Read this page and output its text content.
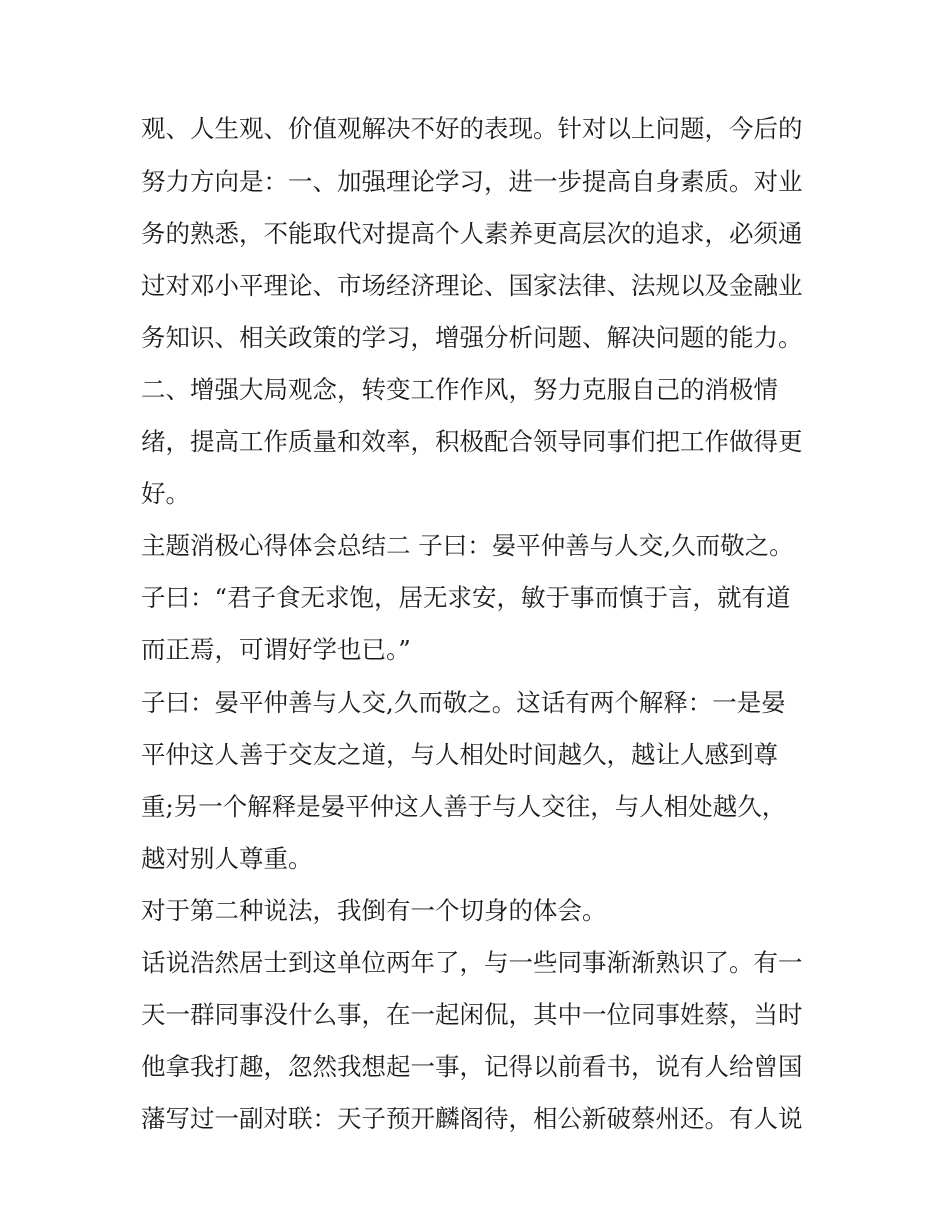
观、人生观、价值观解决不好的表现。针对以上问题，今后的
努力方向是：一、加强理论学习，进一步提高自身素质。对业
务的熟悉，不能取代对提高个人素养更高层次的追求，必须通
过对邓小平理论、市场经济理论、国家法律、法规以及金融业
务知识、相关政策的学习，增强分析问题、解决问题的能力。
二、增强大局观念，转变工作作风，努力克服自己的消极情
绪，提高工作质量和效率，积极配合领导同事们把工作做得更
好。
主题消极心得体会总结二 子曰：晏平仲善与人交,久而敬之。
子曰：“君子食无求饱，居无求安，敏于事而慎于言，就有道
而正焉，可谓好学也已。”
子曰：晏平仲善与人交,久而敬之。这话有两个解释：一是晏
平仲这人善于交友之道，与人相处时间越久，越让人感到尊
重;另一个解释是晏平仲这人善于与人交往，与人相处越久，
越对别人尊重。
对于第二种说法，我倒有一个切身的体会。
话说浩然居士到这单位两年了，与一些同事渐渐熟识了。有一
天一群同事没什么事，在一起闲侃，其中一位同事姓蔡，当时
他拿我打趣，忽然我想起一事，记得以前看书，说有人给曾国
藩写过一副对联：天子预开麟阁待，相公新破蔡州还。有人说
